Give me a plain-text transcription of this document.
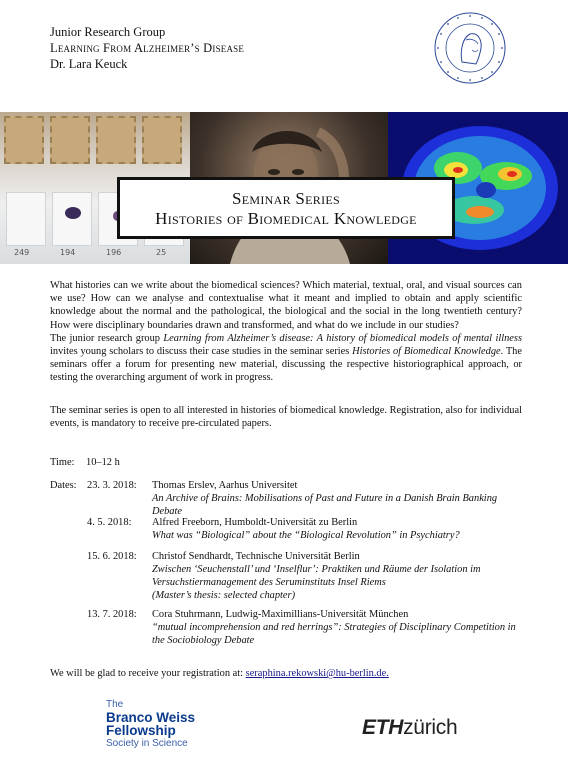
Junior Research Group
Learning From Alzheimer’s Disease
Dr. Lara Keuck
249	194	196	25
Seminar Series
Histories of Biomedical Knowledge

What histories can we write about the biomedical sciences? Which material, textual, oral, and visual sources can we use? How can we analyse and contextualise what it meant and implied to obtain and apply scientific knowledge about the normal and the pathological, the biological and the social in the long twentieth century? How were disciplinary boundaries drawn and transformed, and what do we include in our studies?

The junior research group Learning from Alzheimer’s disease: A history of biomedical models of mental illness invites young scholars to discuss their case studies in the seminar series Histories of Biomedical Knowledge. The seminars offer a forum for presenting new material, discussing the respective historiographical approach, or testing the overarching argument of work in progress.

The seminar series is open to all interested in histories of biomedical knowledge. Registration, also for individual events, is mandatory to receive pre-circulated papers.
Time: 10–12 h
Dates: 23. 3. 2018: Thomas Erslev, Aarhus Universitet
An Archive of Brains: Mobilisations of Past and Future in a Danish Brain Banking Debate
4. 5. 2018: Alfred Freeborn, Humboldt-Universität zu Berlin
What was “Biological” about the “Biological Revolution” in Psychiatry?
15. 6. 2018: Christof Sendhardt, Technische Universität Berlin
Zwischen ‘Seuchenstall’ und ‘Inselflur’: Praktiken und Räume der Isolation im Versuchstiermanagement des Seruminstituts Insel Riems
(Master’s thesis: selected chapter)
13. 7. 2018: Cora Stuhrmann, Ludwig-Maximillians-Universität München
“mutual incomprehension and red herrings”: Strategies of Disciplinary Competition in the Sociobiology Debate
We will be glad to receive your registration at: seraphina.rekowski@hu-berlin.de.
The
Branco Weiss
Fellowship
Society in Science
ETHzürich
